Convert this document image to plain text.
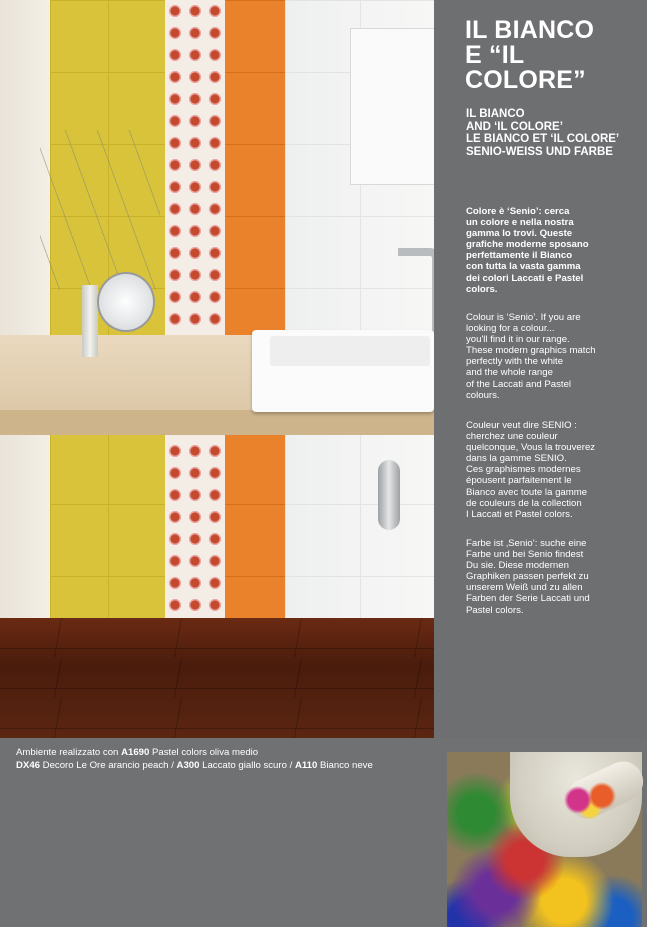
IL BIANCO
E “IL
COLORE”
IL BIANCO
AND ‘IL COLORE’
LE BIANCO ET ‘IL COLORE’
SENIO-WEISS UND FARBE
Colore è ‘Senio’: cerca
un colore e nella nostra
gamma lo trovi. Queste
grafiche moderne sposano
perfettamente il Bianco
con tutta la vasta gamma
dei colori Laccati e Pastel
colors.
Colour is ‘Senio’. If you are
looking for a colour...
you'll find it in our range.
These modern graphics match
perfectly with the white
and the whole range
of the Laccati and Pastel
colours.
Couleur veut dire SENIO :
cherchez une couleur
quelconque, Vous la trouverez
dans la gamme SENIO.
Ces graphismes modernes
épousent parfaitement le
Bianco avec toute la gamme
de couleurs de la collection
I Laccati et Pastel colors.
Farbe ist ‚Senio’: suche eine
Farbe und bei Senio findest
Du sie. Diese modernen
Graphiken passen perfekt zu
unserem Weiß und zu allen
Farben der Serie Laccati und
Pastel colors.
Ambiente realizzato con A1690 Pastel colors oliva medio
DX46 Decoro Le Ore arancio peach / A300 Laccato giallo scuro / A110 Bianco neve
